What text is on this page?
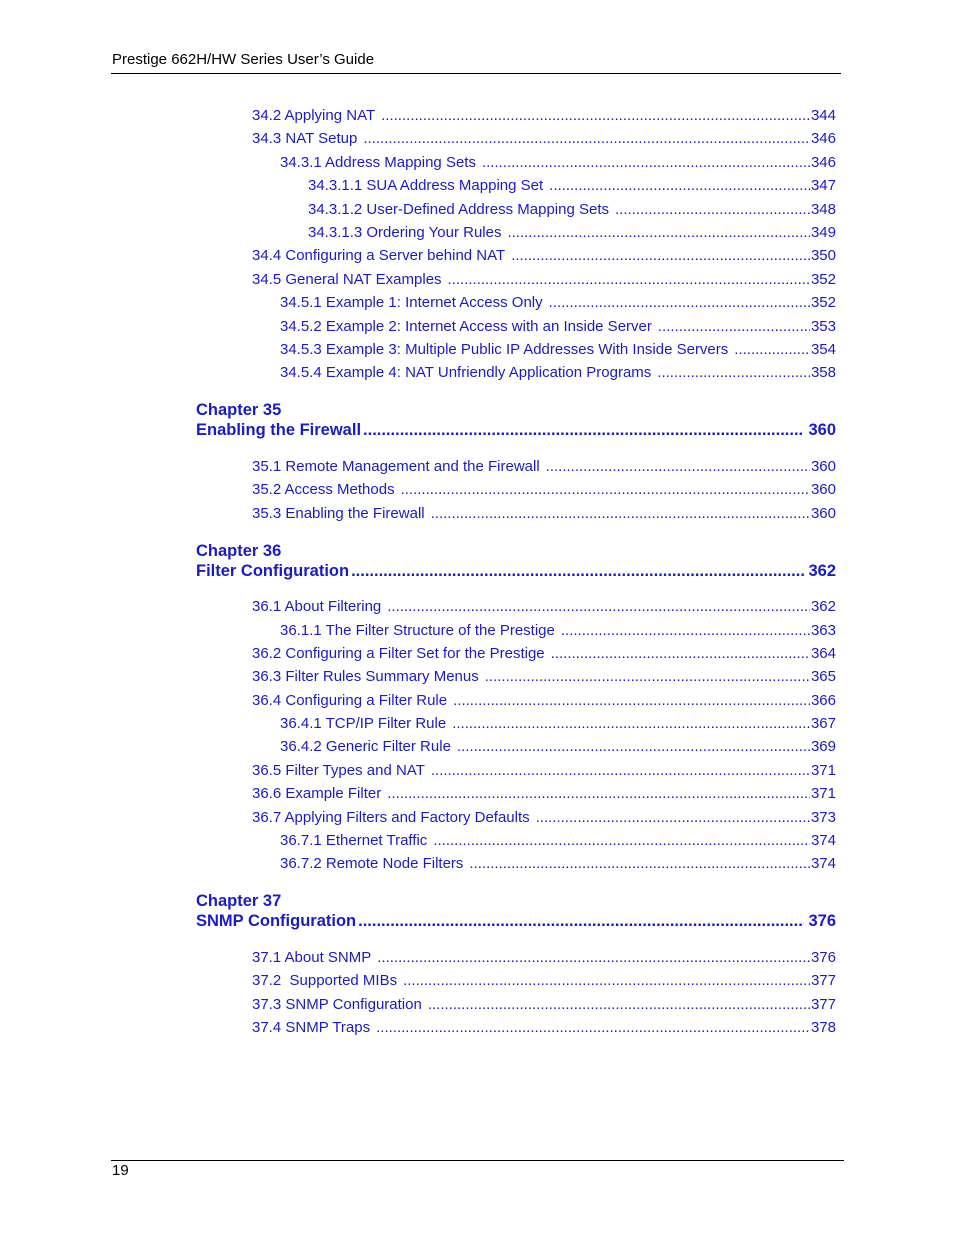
Prestige 662H/HW Series User’s Guide
34.2 Applying NAT .....	344
34.3 NAT Setup .....	346
34.3.1 Address Mapping Sets .....	346
34.3.1.1 SUA Address Mapping Set .....	347
34.3.1.2 User-Defined Address Mapping Sets .....	348
34.3.1.3 Ordering Your Rules .....	349
34.4 Configuring a Server behind NAT .....	350
34.5 General NAT Examples .....	352
34.5.1 Example 1: Internet Access Only .....	352
34.5.2 Example 2: Internet Access with an Inside Server .....	353
34.5.3 Example 3: Multiple Public IP Addresses With Inside Servers .....	354
34.5.4 Example 4: NAT Unfriendly Application Programs .....	358
Chapter 35
Enabling the Firewall .....	360
35.1 Remote Management and the Firewall .....	360
35.2 Access Methods .....	360
35.3 Enabling the Firewall .....	360
Chapter 36
Filter Configuration .....	362
36.1 About Filtering .....	362
36.1.1 The Filter Structure of the Prestige .....	363
36.2 Configuring a Filter Set for the Prestige .....	364
36.3 Filter Rules Summary Menus .....	365
36.4 Configuring a Filter Rule .....	366
36.4.1 TCP/IP Filter Rule .....	367
36.4.2 Generic Filter Rule .....	369
36.5 Filter Types and NAT .....	371
36.6 Example Filter .....	371
36.7 Applying Filters and Factory Defaults .....	373
36.7.1 Ethernet Traffic .....	374
36.7.2 Remote Node Filters .....	374
Chapter 37
SNMP Configuration .....	376
37.1 About SNMP .....	376
37.2  Supported MIBs .....	377
37.3 SNMP Configuration .....	377
37.4 SNMP Traps .....	378
19
